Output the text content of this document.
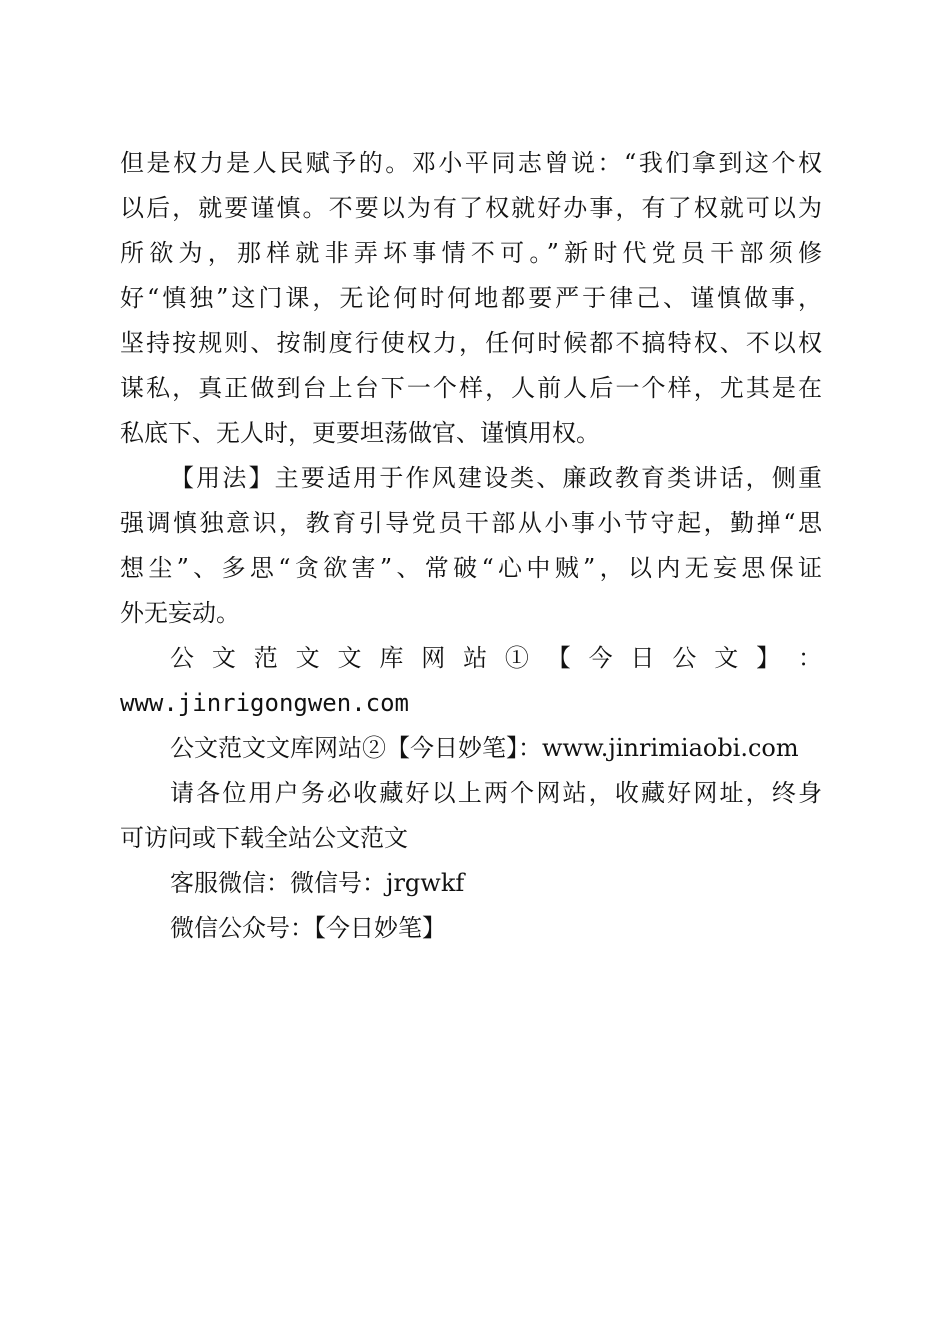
但是权力是人民赋予的。邓小平同志曾说：“我们拿到这个权
以后，就要谨慎。不要以为有了权就好办事，有了权就可以为
所欲为，那样就非弄坏事情不可。”新时代党员干部须修
好“慎独”这门课，无论何时何地都要严于律己、谨慎做事，
坚持按规则、按制度行使权力，任何时候都不搞特权、不以权
谋私，真正做到台上台下一个样，人前人后一个样，尤其是在
私底下、无人时，更要坦荡做官、谨慎用权。
【用法】主要适用于作风建设类、廉政教育类讲话，侧重
强调慎独意识，教育引导党员干部从小事小节守起，勤掸“思
想尘”、多思“贪欲害”、常破“心中贼”，以内无妄思保证
外无妄动。
公 文 范 文 文 库 网 站 ① 【 今 日 公 文 】 ：
www.jinrigongwen.com
公文范文文库网站②【今日妙笔】：www.jinrimiaobi.com
请各位用户务必收藏好以上两个网站，收藏好网址，终身
可访问或下载全站公文范文
客服微信：微信号：jrgwkf
微信公众号：【今日妙笔】
